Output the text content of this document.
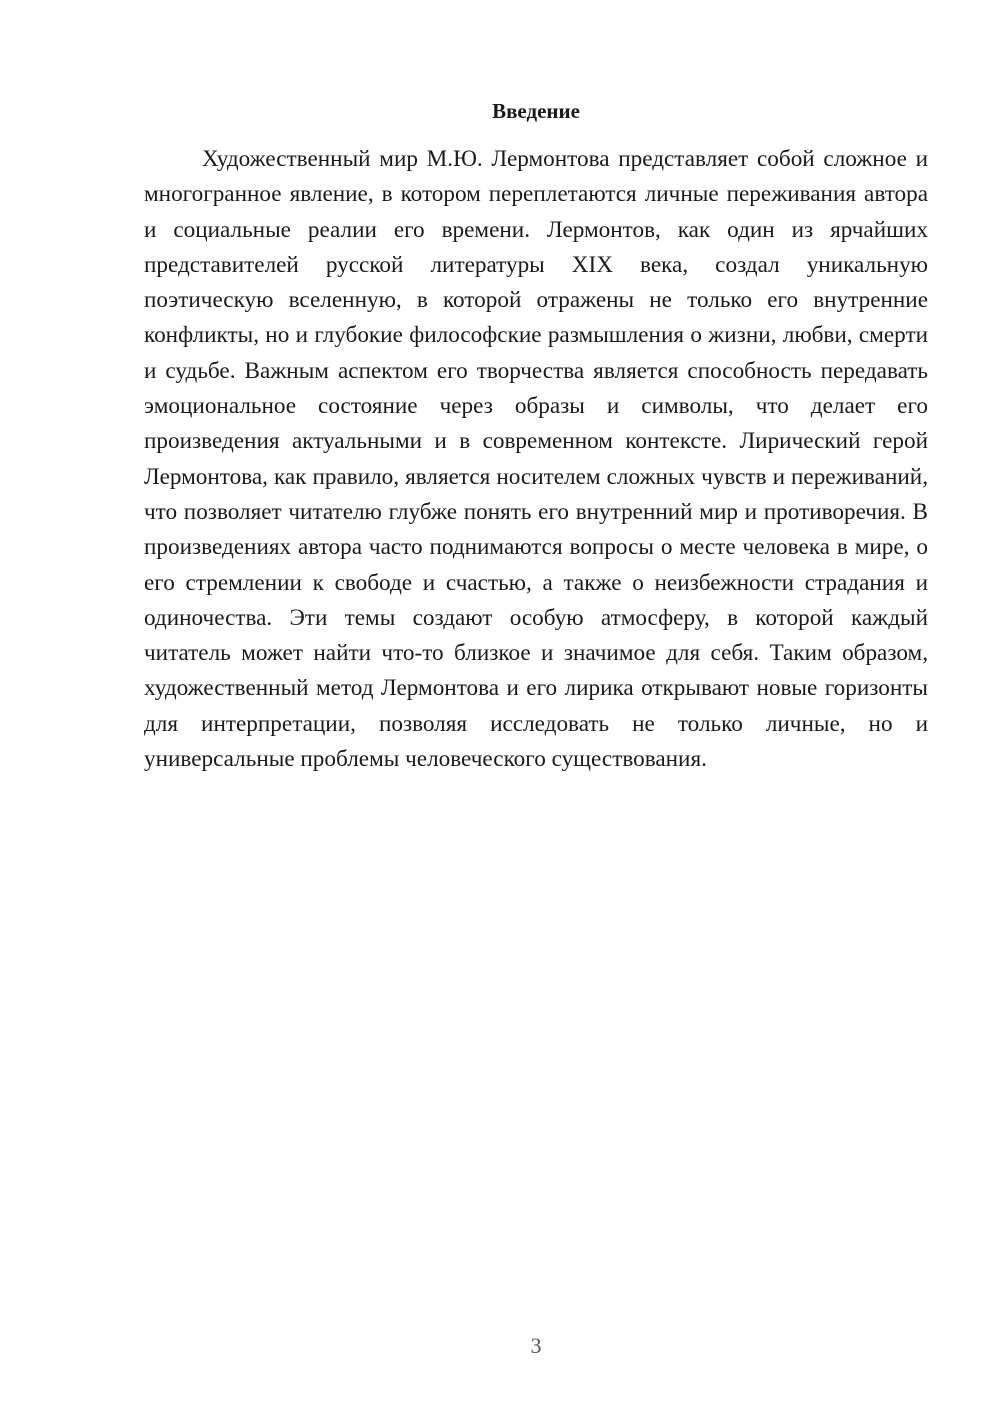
Введение

Художественный мир М.Ю. Лермонтова представляет собой сложное и многогранное явление, в котором переплетаются личные переживания автора и социальные реалии его времени. Лермонтов, как один из ярчайших представителей русской литературы XIX века, создал уникальную поэтическую вселенную, в которой отражены не только его внутренние конфликты, но и глубокие философские размышления о жизни, любви, смерти и судьбе. Важным аспектом его творчества является способность передавать эмоциональное состояние через образы и символы, что делает его произведения актуальными и в современном контексте. Лирический герой Лермонтова, как правило, является носителем сложных чувств и переживаний, что позволяет читателю глубже понять его внутренний мир и противоречия. В произведениях автора часто поднимаются вопросы о месте человека в мире, о его стремлении к свободе и счастью, а также о неизбежности страдания и одиночества. Эти темы создают особую атмосферу, в которой каждый читатель может найти что-то близкое и значимое для себя. Таким образом, художественный метод Лермонтова и его лирика открывают новые горизонты для интерпретации, позволяя исследовать не только личные, но и универсальные проблемы человеческого существования.

3
